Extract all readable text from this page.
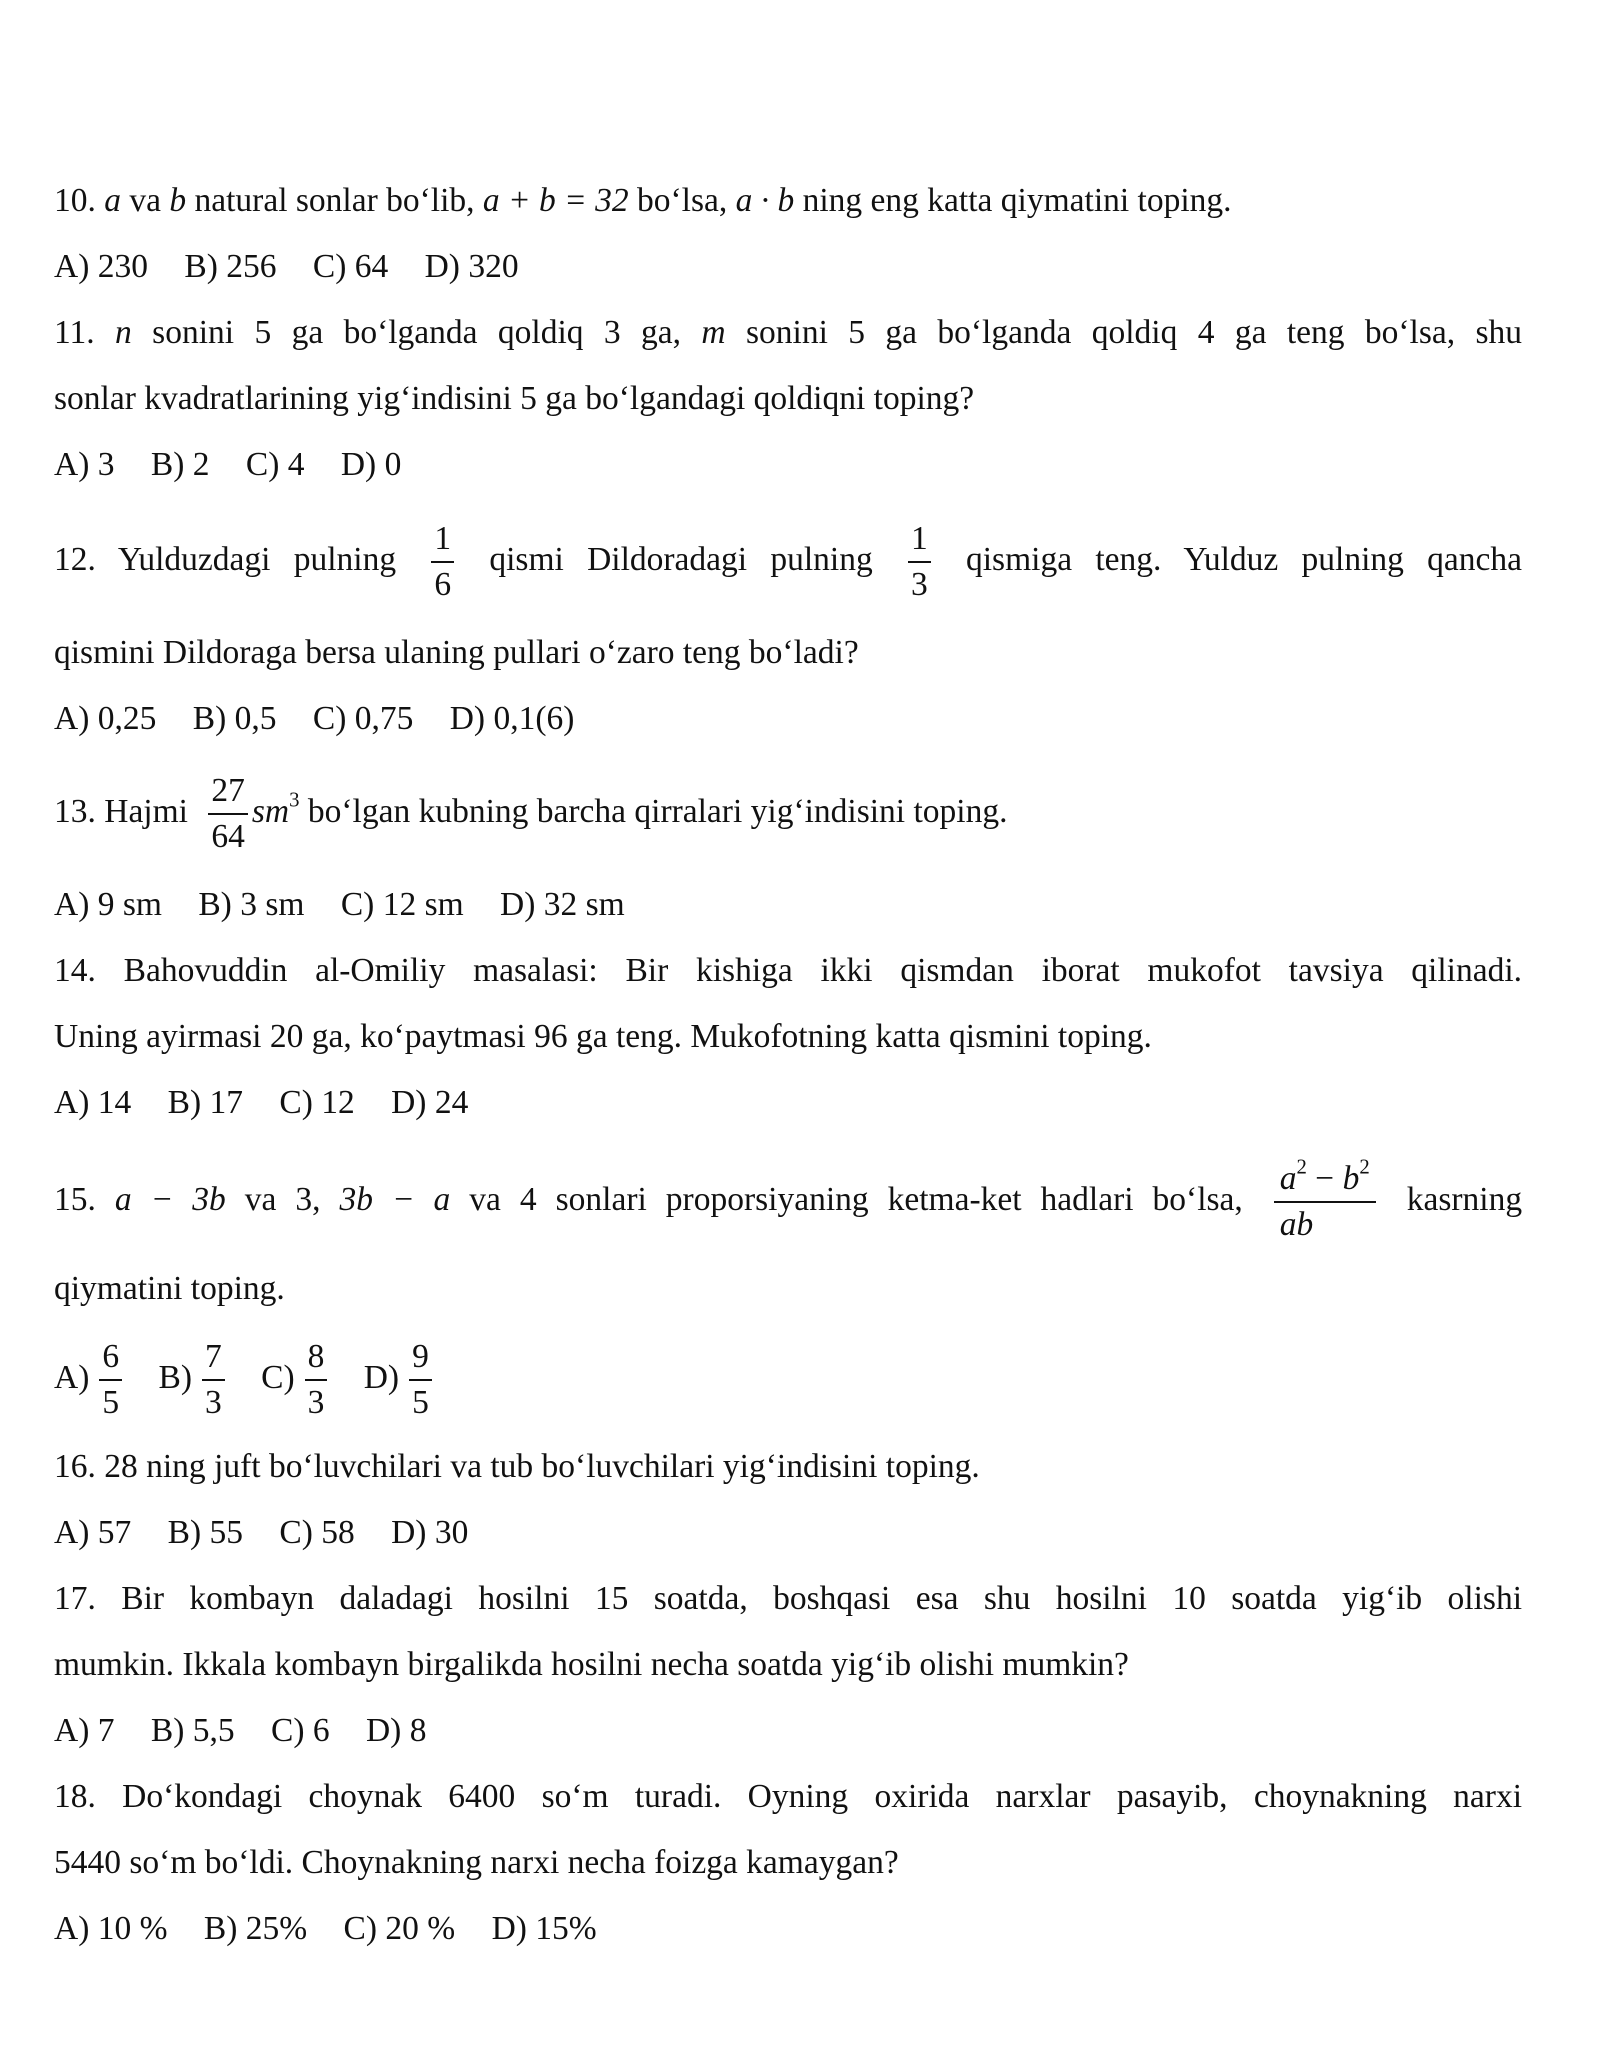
10. a va b natural sonlar bo‘lib, a + b = 32 bo‘lsa, a · b ning eng katta qiymatini toping.
A) 230 B) 256 C) 64 D) 320
11. n sonini 5 ga bo‘lganda qoldiq 3 ga, m sonini 5 ga bo‘lganda qoldiq 4 ga teng bo‘lsa, shu
sonlar kvadratlarining yig‘indisini 5 ga bo‘lgandagi qoldiqni toping?
A) 3 B) 2 C) 4 D) 0
12. Yulduzdagi pulning $\frac{1}{6}$ qismi Dildoradagi pulning $\frac{1}{3}$ qismiga teng. Yulduz pulning qancha
qismini Dildoraga bersa ulaning pullari o‘zaro teng bo‘ladi?
A) 0,25 B) 0,5 C) 0,75 D) 0,1(6)
13. Hajmi $\frac{27}{64} sm^3$ bo‘lgan kubning barcha qirralari yig‘indisini toping.
A) 9 sm B) 3 sm C) 12 sm D) 32 sm
14. Bahovuddin al-Omiliy masalasi: Bir kishiga ikki qismdan iborat mukofot tavsiya qilinadi.
Uning ayirmasi 20 ga, ko‘paytmasi 96 ga teng. Mukofotning katta qismini toping.
A) 14 B) 17 C) 12 D) 24
15. a − 3b va 3, 3b − a va 4 sonlari proporsiyaning ketma-ket hadlari bo‘lsa, $\frac{a^2 - b^2}{ab}$ kasrning
qiymatini toping.
$A) \frac{6}{5} B) \frac{7}{3} C) \frac{8}{3} D) \frac{9}{5}$
16. 28 ning juft bo‘luvchilari va tub bo‘luvchilari yig‘indisini toping.
A) 57 B) 55 C) 58 D) 30
17. Bir kombayn daladagi hosilni 15 soatda, boshqasi esa shu hosilni 10 soatda yig‘ib olishi
mumkin. Ikkala kombayn birgalikda hosilni necha soatda yig‘ib olishi mumkin?
A) 7 B) 5,5 C) 6 D) 8
18. Do‘kondagi choynak 6400 so‘m turadi. Oyning oxirida narxlar pasayib, choynakning narxi
5440 so‘m bo‘ldi. Choynakning narxi necha foizga kamaygan?
A) 10 % B) 25% C) 20 % D) 15%
